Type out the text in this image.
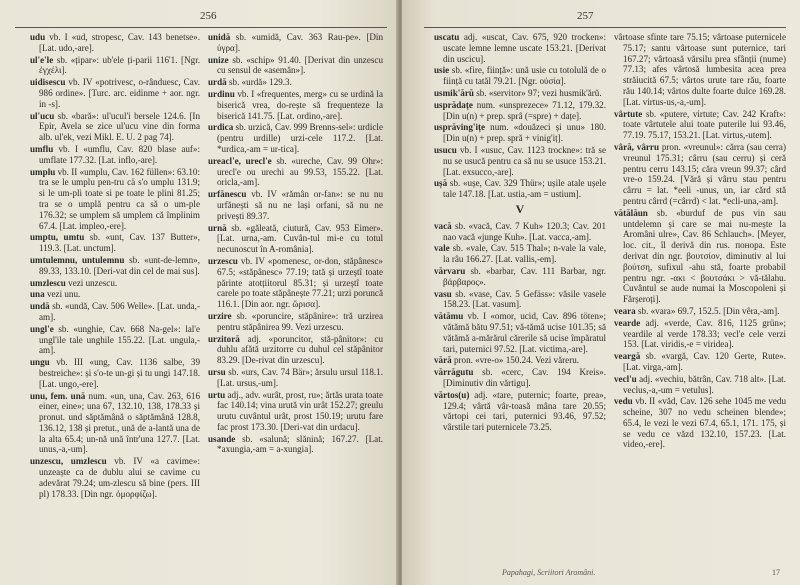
256

udu vb. I «ud, stropesc, Cav. 143 benetse». [Lat. udo,-are].

ul'e'le sb. «țipar»: ub'ele ți-parii 116'1. [Ngr. ἐγχέλι].

uidisescu vb. IV «potrivesc, o-rânduesc, Cav. 986 ordine». [Turc. arc. eidinme + aor. ngr. in -s].

ul'ucu sb. «bară»: ul'ucul'i bersele 124.6. [In Epir, Avela se zice ul'ucu vine din forma alb. ul'ek, vezi Mikl. E. U. 2 pag 74].

umflu vb. I «umflu, Cav. 820 blase auf»: umflate 177.32. [Lat. inflo,-are].

umplu vb. II «umplu, Cav. 162 füllen»: 63.10: tra se le umplu pen-tru cä s'o umplu 131.9; si le um-pli toate si pe toate le plini 81.25; tra se o umplă pentru ca să o um-ple 176.32; se umplem să umplem că împlinim 67.4. [Lat. impleo,-ere].

umptu, umtu sb. «unt, Cav. 137 Butter», 119.3. [Lat. unctum].

umtulemnu, untulemnu sb. «unt-de-lemn», 89.33, 133.10. [Deri-vat din cel de mai sus].

umzlescu vezi unzescu.

una vezi unu.

undă sb. «undă, Cav. 506 Welle». [Lat. unda,-am].

ungl'e sb. «unghie, Cav. 668 Na-gel»: lal'e ungl'ile tale unghile 155.22. [Lat. ungula,-am].

ungu vb. III «ung, Cav. 1136 salbe, 39 bestreiche»: și s'o-te un-gi și tu ungi 147.18. [Lat. ungo,-ere].

unu, fem. ună num. «un, una, Cav. 263, 616 einer, eine»; una 67, 132.10, 138, 178.33 și pronut. und săptămână o săptămână 128.8, 136.12, 138 și pretut., ună de a-lantă una de la alta 65.4; un-nă ună într'una 127.7. [Lat. unus,-a,-um].

unzescu, umzlescu vb. IV «a cavime»: unzeaște ca de dublu alui se cavime cu adevărat 79.24; um-zlescu să bine (pers. III pl) 178.33. [Din ngr. ὀμορφίζω].

unidă sb. «umidă, Cav. 363 Rau-pe». [Din ὑγρα].

unize sb. «schip» 91.40. [Derivat din unzescu cu sensul de «asemăn»].

urdă sb. «urdă» 129.3.

urdinu vb. I «frequentes, merg» cu se urdină la biserică vrea, do-rește să frequenteze la biserică 141.75. [Lat. ordino,-are].

urdica sb. urzică, Cav. 999 Brenns-sel»: urdicle (pentru urdille) urzi-cele 117.2. [Lat. *urdica,-am = ur-tica].

ureacl'e, urecl'e sb. «ureche, Cav. 99 Ohr»: urecl'e ou urechi au 99.53, 155.22. [Lat. oricla,-am].

urfănescu vb. IV «rămân or-fan»: se nu nu urfănești să nu ne lași orfani, să nu ne privești 89.37.

urnă sb. «găleată, ciutură, Cav. 953 Eimer». [Lat. urna,-am. Cuvân-tul mi-e cu totul necunoscut în A-românia].

urzescu vb. IV «pomenesc, or-don, stăpânesc» 67.5; «stăpânesc» 77.19; tată și urzeștî toate părinte atotțiitorul 85.31; și urzeștî toate carele po toate stăpânește 77.21; urzi poruncă 116.1. [Din aor. ngr. ὥρισα].

urzire sb. «poruncire, stăpânire»: tră urzirea pentru stăpânirea 99. Vezi urzescu.

urzitoră adj. «poruncitor, stă-pânitor»: cu duhlu afătă urzitorre cu duhul cel stăpânitor 83.29. [De-rivat din urzescu].

ursu sb. «urs, Cav. 74 Bär»; ărsulu ursul 118.1. [Lat. ursus,-um].

urtu adj., adv. «urât, prost, ru»; ărtăs urata toate fac 140.14; vina urută vin urât 152.27; greulu urutu cuvântul urât, prost 150.19; urutu fare fac prost 173.30. [Deri-vat din urdacu].

usande sb. «salună; slănină; 167.27. [Lat. *axungia,-am = a-xungia].

257

uscatu adj. «uscat, Cav. 675, 920 trocken»: uscate lemne lemne uscate 153.21. [Derivat din uscicu].

usie sb. «fire, ființă»: ună usie cu totolulă de o ființă cu tatăl 79.21. [Ngr. οὐσία].

usmik'ărŭ sb. «servitor» 97; vezi husmik'ărŭ.

usprădațe num. «unsprezece» 71.12, 179.32. [Din u(n) + prep. sprâ (=spre) + dațe].

usprăving'ițe num. «douăzeci și unu» 180. [Din u(n) + prep. spră + vinig'iț].

usucu vb. I «usuc, Cav. 1123 trockne»: tră se nu se usucă pentru ca să nu se usuce 153.21. [Lat. exsucco,-are].

ușă sb. «ușe, Cav. 329 Thür»; ușile atale ușele tale 147.18. [Lat. ustia,-am = ustium].

V

vacă sb. «vacă, Cav. 7 Kuh» 120.3; Cav. 201 nao vacă «junge Kuh». [Lat. vacca,-am].

vale sb. «vale, Cav. 515 Thal»; n-vale la vale, la râu 166.27. [Lat. vallis,-em].

vărvaru sb. «barbar, Cav. 111 Barbar, ngr. βάρβαρος».

vasu sb. «vase, Cav. 5 Gefäss»: văsile vasele 158.23. [Lat. vasum].

vătămu vb. I «omor, ucid, Cav. 896 töten»; vătămă bătu 97.51; vă-tămă ucise 101.35; să vătămă a-mărărul cărerile să ucise împăratul tari, puternici 97.52. [Lat. victima,-are].

vără pron. «vre-o» 150.24. Vezi văreru.

vărrăgutu sb. «cerc, Cav. 194 Kreis». [Diminutiv din vărtigu].

vărtos(u) adj. «tare, puternic; foarte, prea», 129.4; vârtă vâr-toasă mâna tare 20.55; vărtopi cei tari, puternici 93.46, 97.52; vârstile tari puternicele 73.25.

vârtoase sfinte tare 75.15; vârtoase puternicele 75.17; santu vârtoase sunt puternice, tari 167.27; vârtoasă vărsilu prea sfânții (nume) 77.13; afes vârtosă lumbesita acea prea străiucită 67.5; vârtos urute tare rău, foarte rău 140.14; vârtos dulte foarte dulce 169.28. [Lat. virtus-us,-a,-um].

vârtute sb. «putere, virtute; Cav. 242 Kraft»: toate vârtutele alui toate puterile lui 93.46, 77.19. 75.17, 153.21. [Lat. virtus,-utem].

vâră, vârru pron. «vreunul»: cărra (sau cerra) vreunul 175.31; cârru (sau cerru) și ceră pentru cerru 143.15; căra vreun 99.37; cârd vre-o 159.24. [Vără și vârru stau pentru cârru = lat. *eeli -unus, un, iar cărd stă pentru cârrd (=cârrd) < lat. *ecli-una,-am].

vătălăun sb. «burduf de pus vin sau untdelemn și care se mai nu-mește la Aromâni ulre», Cav. 86 Schlauch». [Meyer, loc. cit., îl derivă din rus. понора. Este derivat din ngr. βουτσίον, diminutiv al lui βούτση, sufixul -ahu stă, foarte probabil pentru ngr. -ακι < βουτσάκι > vă-tălahu. Cuvântul se aude numai la Moscopoleni și Fărșeroți].

veara sb. «vara» 69.7, 152.5. [Din vêra,-am].

vearde adj. «verde, Cav. 816, 1125 grün»; veardile al verde 178.33; vecl'e cele verzi 153. [Lat. viridis,-e = viridea].

veargă sb. «vargă, Cav. 120 Gerte, Rute». [Lat. virga,-am].

vecl'u adj. «vechiu, bătrân, Cav. 718 alt». [Lat. veclus,-a,-um = vetulus].

vedu vb. II «văd, Cav. 126 sehe 1045 me vedu scheine, 307 no vedu scheinen blende»; 65.4, le vezi le vezi 67.4, 65.1, 171. 175, și se vedu ce văzd 132.10, 157.23. [Lat. video,-ere].

Papahagi, Scriitori Aromâni.	17
